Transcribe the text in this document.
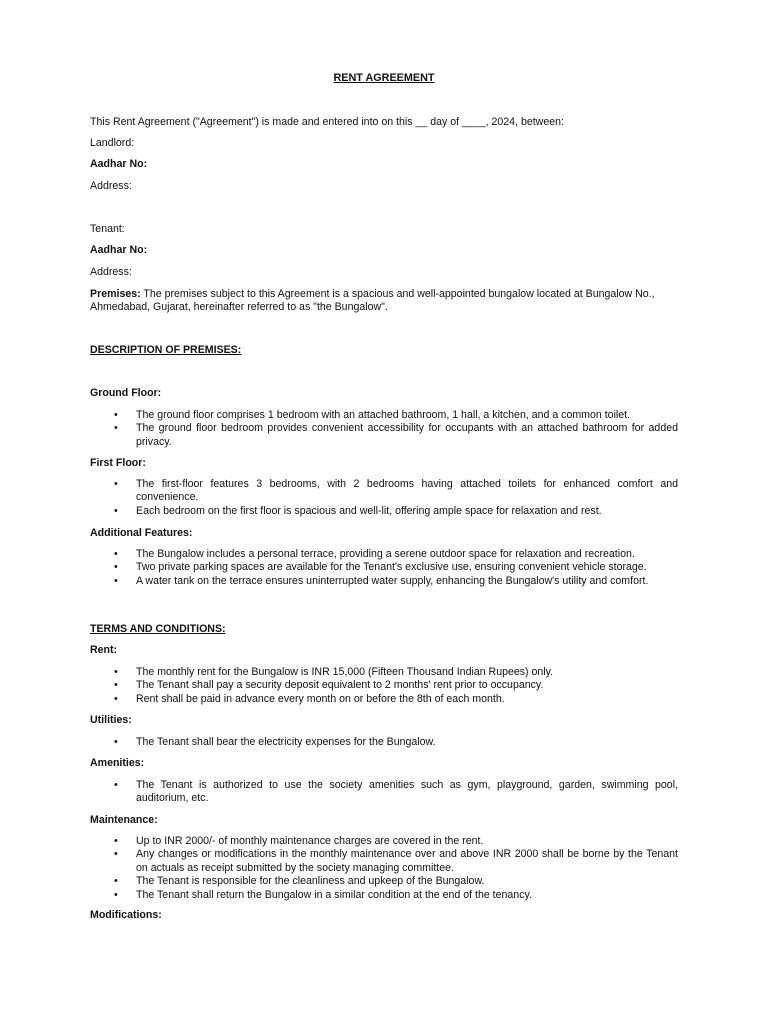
RENT AGREEMENT
This Rent Agreement ("Agreement") is made and entered into on this __ day of ____, 2024, between:
Landlord:
Aadhar No:
Address:
Tenant:
Aadhar No:
Address:
Premises: The premises subject to this Agreement is a spacious and well-appointed bungalow located at Bungalow No., Ahmedabad, Gujarat, hereinafter referred to as "the Bungalow".
DESCRIPTION OF PREMISES:
Ground Floor:
• The ground floor comprises 1 bedroom with an attached bathroom, 1 hall, a kitchen, and a common toilet.
• The ground floor bedroom provides convenient accessibility for occupants with an attached bathroom for added privacy.
First Floor:
• The first-floor features 3 bedrooms, with 2 bedrooms having attached toilets for enhanced comfort and convenience.
• Each bedroom on the first floor is spacious and well-lit, offering ample space for relaxation and rest.
Additional Features:
• The Bungalow includes a personal terrace, providing a serene outdoor space for relaxation and recreation.
• Two private parking spaces are available for the Tenant's exclusive use, ensuring convenient vehicle storage.
• A water tank on the terrace ensures uninterrupted water supply, enhancing the Bungalow's utility and comfort.
TERMS AND CONDITIONS:
Rent:
• The monthly rent for the Bungalow is INR 15,000 (Fifteen Thousand Indian Rupees) only.
• The Tenant shall pay a security deposit equivalent to 2 months' rent prior to occupancy.
• Rent shall be paid in advance every month on or before the 8th of each month.
Utilities:
• The Tenant shall bear the electricity expenses for the Bungalow.
Amenities:
• The Tenant is authorized to use the society amenities such as gym, playground, garden, swimming pool, auditorium, etc.
Maintenance:
• Up to INR 2000/- of monthly maintenance charges are covered in the rent.
• Any changes or modifications in the monthly maintenance over and above INR 2000 shall be borne by the Tenant on actuals as receipt submitted by the society managing committee.
• The Tenant is responsible for the cleanliness and upkeep of the Bungalow.
• The Tenant shall return the Bungalow in a similar condition at the end of the tenancy.
Modifications:
